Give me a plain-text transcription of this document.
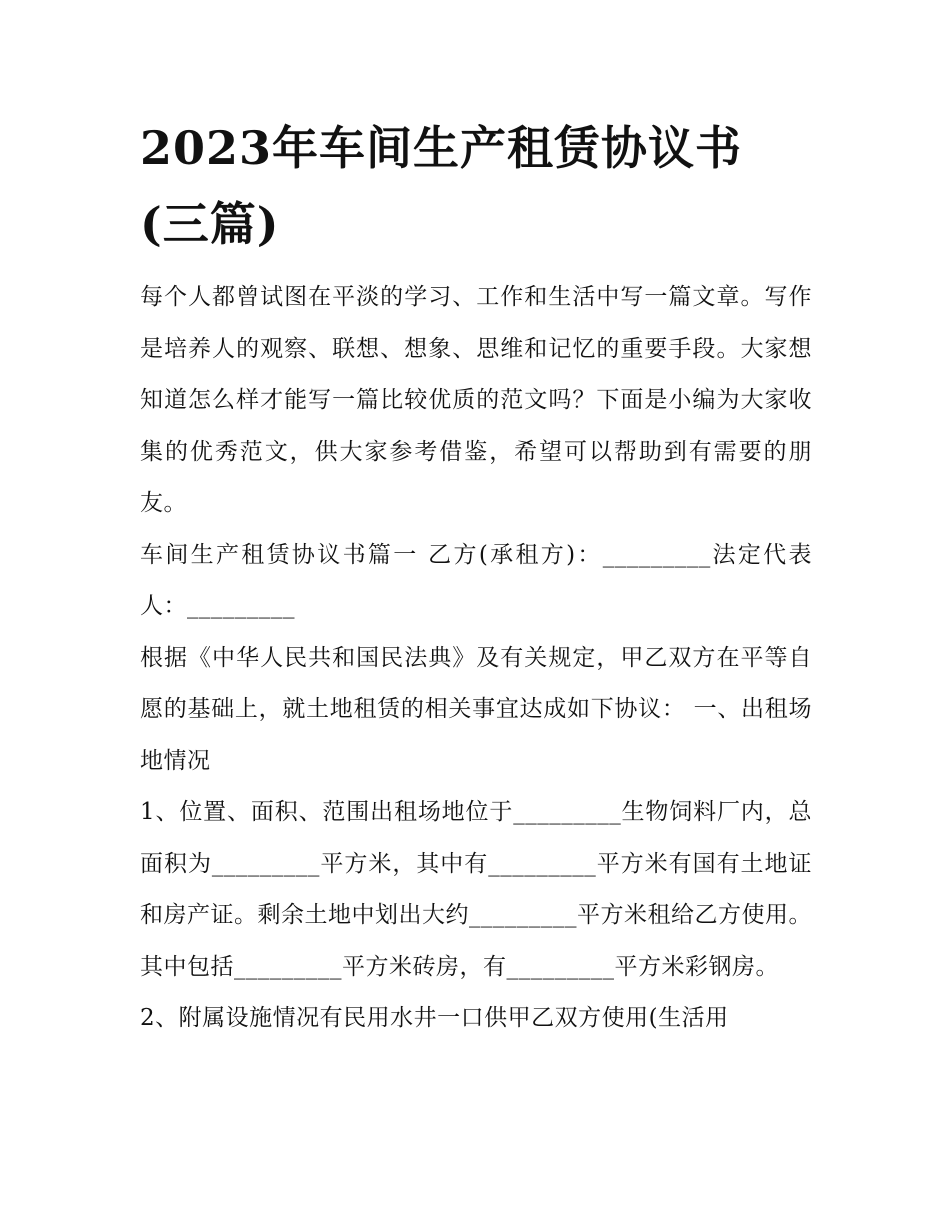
2023年车间生产租赁协议书
(三篇)

每个人都曾试图在平淡的学习、工作和生活中写一篇文章。写作是培养人的观察、联想、想象、思维和记忆的重要手段。大家想知道怎么样才能写一篇比较优质的范文吗？下面是小编为大家收集的优秀范文，供大家参考借鉴，希望可以帮助到有需要的朋友。

车间生产租赁协议书篇一 乙方(承租方)：_________法定代表人：_________

根据《中华人民共和国民法典》及有关规定，甲乙双方在平等自愿的基础上，就土地租赁的相关事宜达成如下协议： 一、出租场地情况

1、位置、面积、范围出租场地位于_________生物饲料厂内，总面积为_________平方米，其中有_________平方米有国有土地证和房产证。剩余土地中划出大约_________平方米租给乙方使用。其中包括_________平方米砖房，有_________平方米彩钢房。

2、附属设施情况有民用水井一口供甲乙双方使用(生活用
